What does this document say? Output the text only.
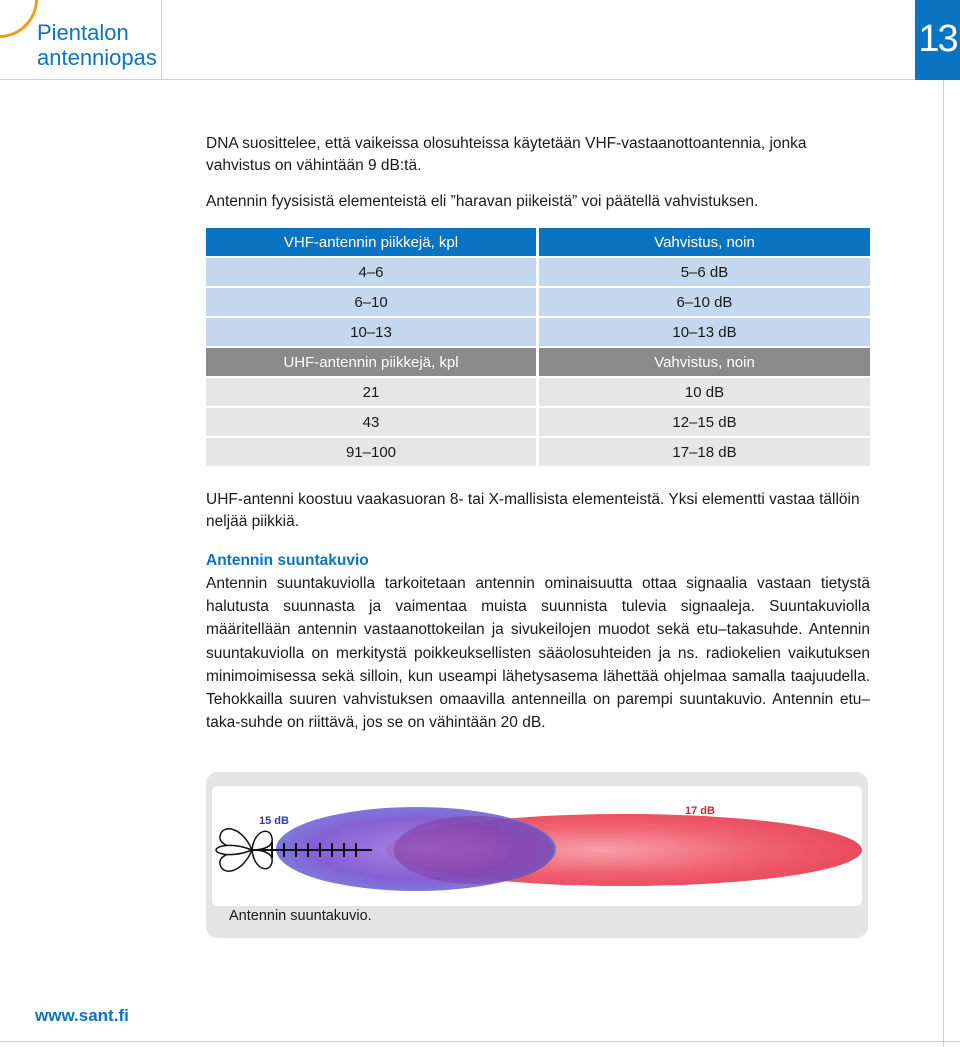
Pientalon
antenniopas	13
DNA suosittelee, että vaikeissa olosuhteissa käytetään VHF-vastaanottoantennia, jonka vahvistus on vähintään 9 dB:tä.
Antennin fyysisistä elementeistä eli ”haravan piikeistä” voi päätellä vahvistuksen.
VHF-antennin piikkejä, kpl	Vahvistus, noin
4–6	5–6 dB
6–10	6–10 dB
10–13	10–13 dB
UHF-antennin piikkejä, kpl	Vahvistus, noin
21	10 dB
43	12–15 dB
91–100	17–18 dB
UHF-antenni koostuu vaakasuoran 8- tai X-mallisista elementeistä. Yksi elementti vastaa tällöin neljää piikkiä.
Antennin suuntakuvio
Antennin suuntakuviolla tarkoitetaan antennin ominaisuutta ottaa signaalia vastaan tietystä halutusta suunnasta ja vaimentaa muista suunnista tulevia signaaleja. Suuntakuviolla määritellään antennin vastaanottokeilan ja sivukeilojen muodot sekä etu–takasuhde. Antennin suuntakuviolla on merkitystä poikkeuksellisten sääolosuhteiden ja ns. radiokelien vaikutuksen minimoimisessa sekä silloin, kun useampi lähetysasema lähettää ohjelmaa samalla taajuudella. Tehokkailla suuren vahvistuksen omaavilla antenneilla on parempi suuntakuvio. Antennin etu–taka-suhde on riittävä, jos se on vähintään 20 dB.
15 dB
17 dB
Antennin suuntakuvio.
www.sant.fi
